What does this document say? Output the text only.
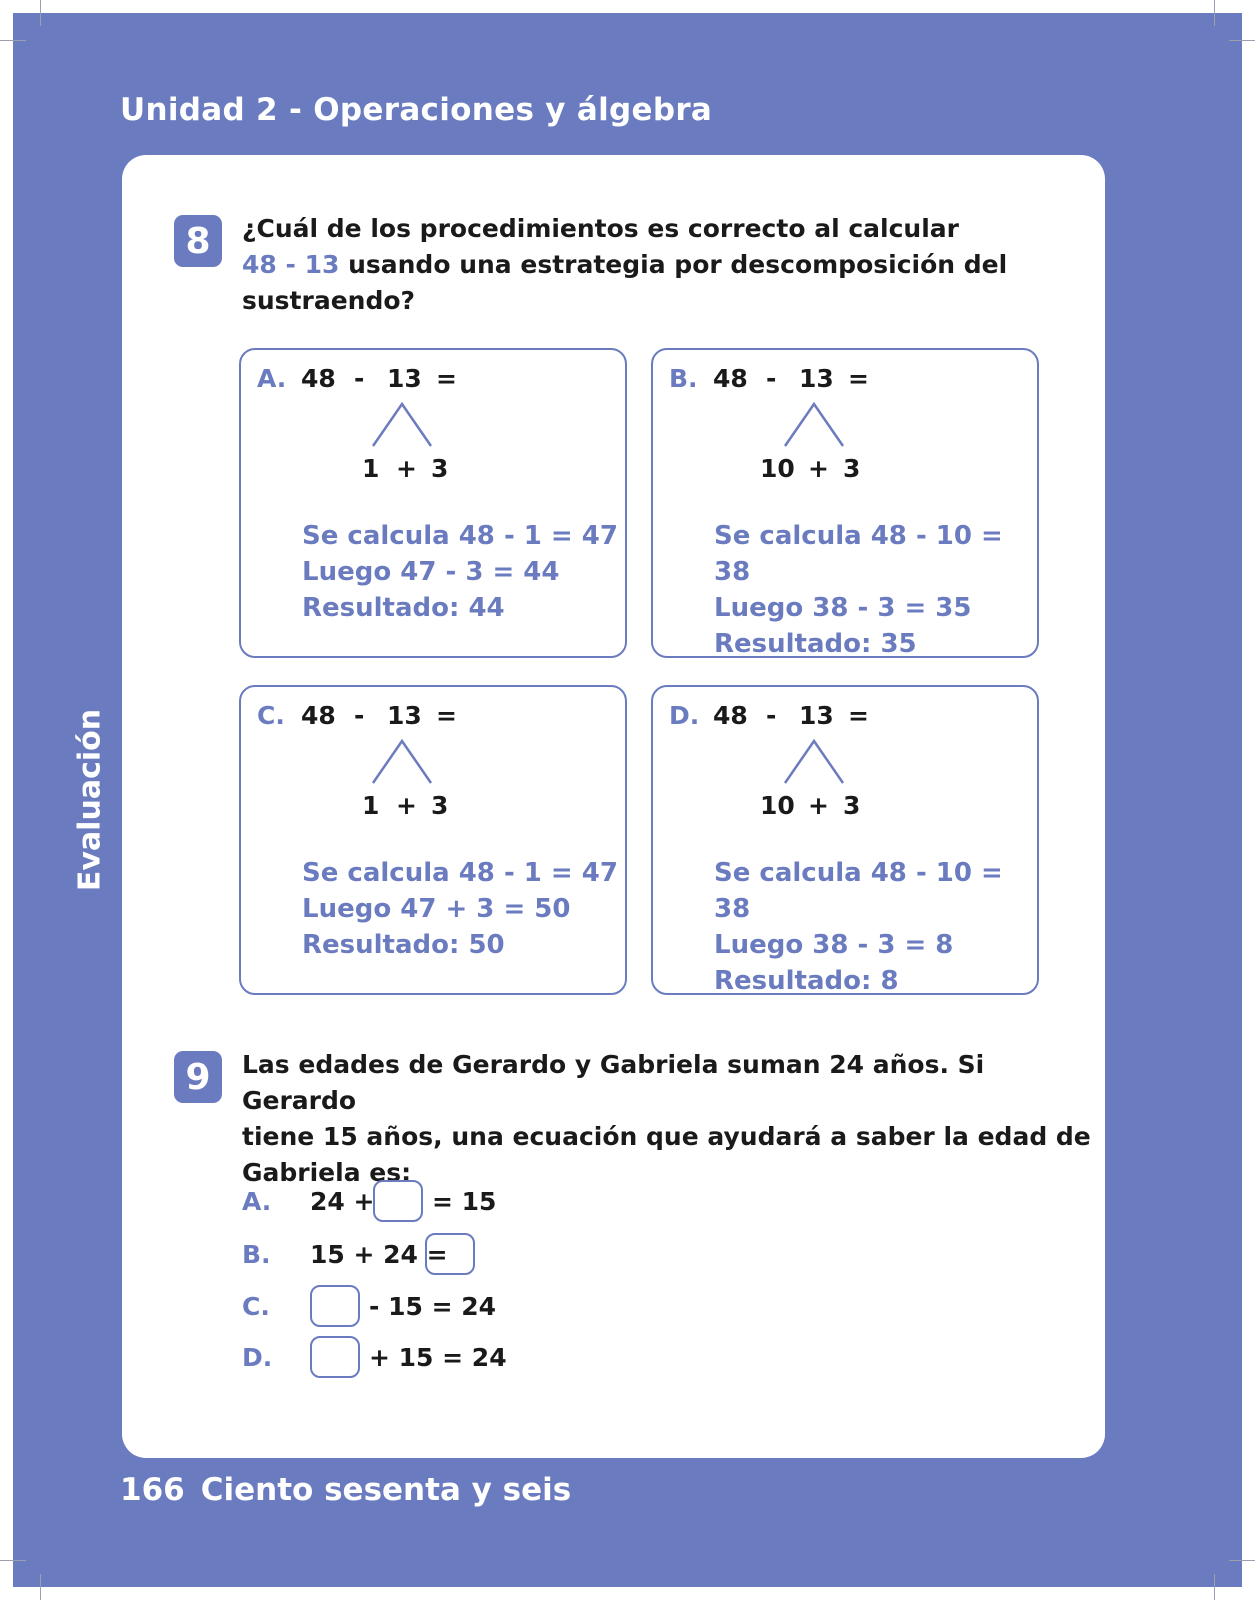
Unidad 2 - Operaciones y álgebra
Evaluación
8 ¿Cuál de los procedimientos es correcto al calcular
48 - 13 usando una estrategia por descomposición del
sustraendo?
A. 48 - 13 =
1 + 3
Se calcula 48 - 1 = 47
Luego 47 - 3 = 44
Resultado: 44
B. 48 - 13 =
10 + 3
Se calcula 48 - 10 = 38
Luego 38 - 3 = 35
Resultado: 35
C. 48 - 13 =
1 + 3
Se calcula 48 - 1 = 47
Luego 47 + 3 = 50
Resultado: 50
D. 48 - 13 =
10 + 3
Se calcula 48 - 10 = 38
Luego 38 - 3 = 8
Resultado: 8
9 Las edades de Gerardo y Gabriela suman 24 años. Si Gerardo
tiene 15 años, una ecuación que ayudará a saber la edad de
Gabriela es:
A. 24 + = 15
B. 15 + 24 =
C.	- 15 = 24
D.	+ 15 = 24
166 Ciento sesenta y seis
